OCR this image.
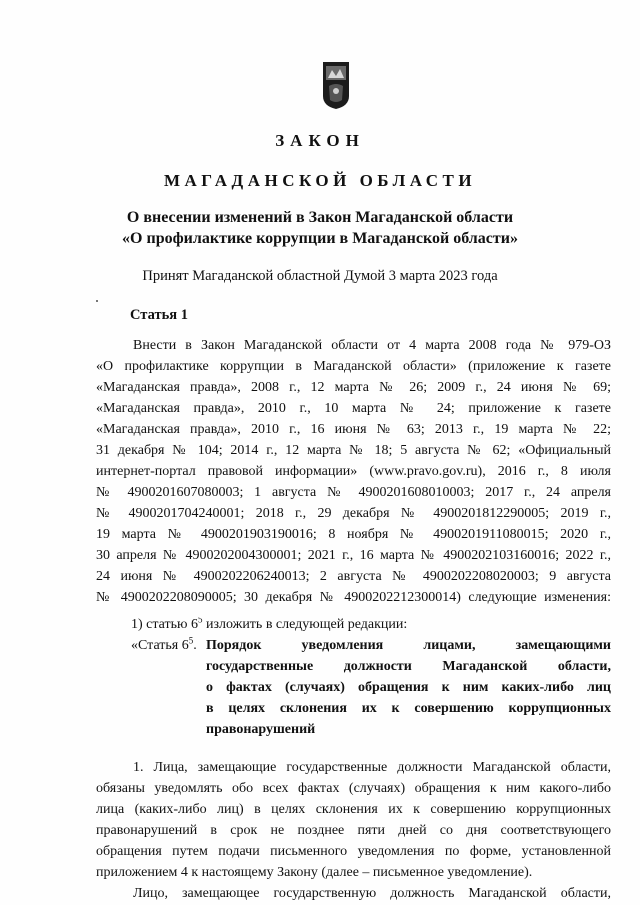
ЗАКОН
МАГАДАНСКОЙ ОБЛАСТИ
О внесении изменений в Закон Магаданской области
«О профилактике коррупции в Магаданской области»
Принят Магаданской областной Думой 3 марта 2023 года
Статья 1
Внести в Закон Магаданской области от 4 марта 2008 года № 979-ОЗ
«О профилактике коррупции в Магаданской области» (приложение к газете
«Магаданская правда», 2008 г., 12 марта № 26; 2009 г., 24 июня № 69;
«Магаданская правда», 2010 г., 10 марта № 24; приложение к газете
«Магаданская правда», 2010 г., 16 июня № 63; 2013 г., 19 марта № 22;
31 декабря № 104; 2014 г., 12 марта № 18; 5 августа № 62; «Официальный
интернет-портал правовой информации» (www.pravo.gov.ru), 2016 г., 8 июля
№ 4900201607080003; 1 августа № 4900201608010003; 2017 г., 24 апреля
№ 4900201704240001; 2018 г., 29 декабря № 4900201812290005; 2019 г.,
19 марта № 4900201903190016; 8 ноября № 4900201911080015; 2020 г.,
30 апреля № 4900202004300001; 2021 г., 16 марта № 4900202103160016; 2022 г.,
24 июня № 4900202206240013; 2 августа № 4900202208020003; 9 августа
№ 4900202208090005; 30 декабря № 4900202212300014) следующие изменения:
1) статью $6^5$ изложить в следующей редакции:
«Статья $6^5$. Порядок уведомления лицами, замещающими
государственные должности Магаданской области,
о фактах (случаях) обращения к ним каких-либо лиц
в целях склонения их к совершению коррупционных
правонарушений
1. Лица, замещающие государственные должности Магаданской области,
обязаны уведомлять обо всех фактах (случаях) обращения к ним какого-либо
лица (каких-либо лиц) в целях склонения их к совершению коррупционных
правонарушений в срок не позднее пяти дней со дня соответствующего
обращения путем подачи письменного уведомления по форме, установленной
приложением 4 к настоящему Закону (далее – письменное уведомление).
Лицо, замещающее государственную должность Магаданской области,
